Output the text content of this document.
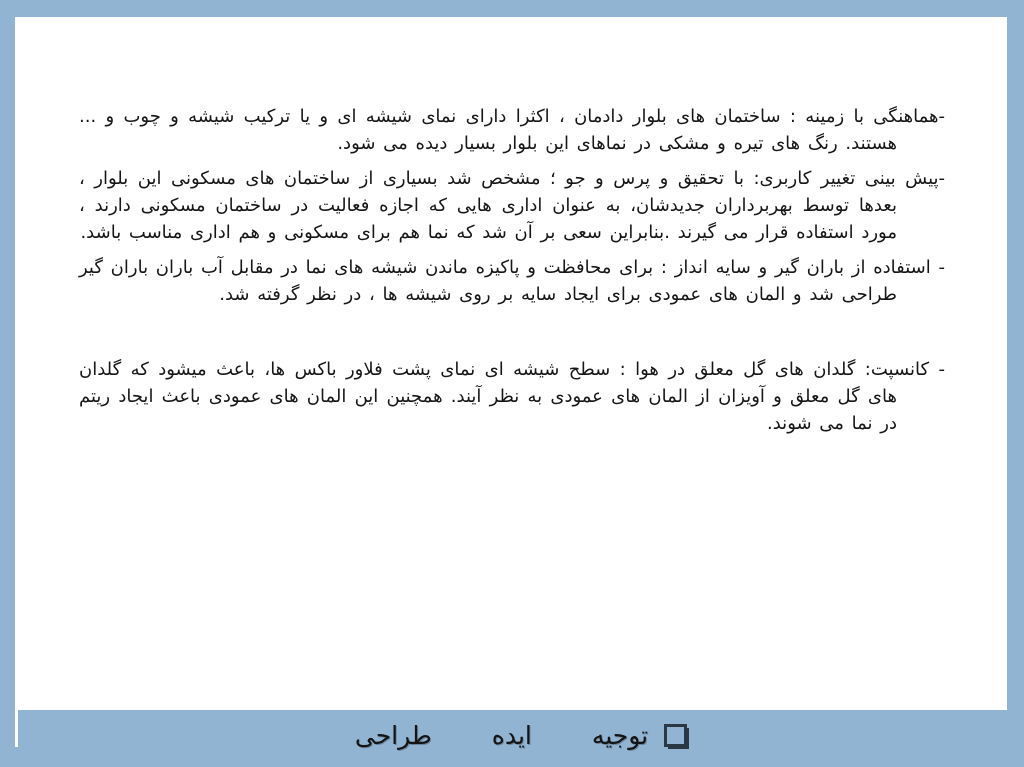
-هماهنگی با زمینه : ساختمان های بلوار دادمان ، اکثرا دارای نمای شیشه ای و یا ترکیب شیشه و چوب و ... هستند. رنگ های تیره و مشکی در نماهای این بلوار بسیار دیده می شود.

-پیش بینی تغییر کاربری: با تحقیق و پرس و جو ؛ مشخص شد بسیاری از ساختمان های مسکونی این بلوار ، بعدها توسط بهربرداران جدیدشان، به عنوان اداری هایی که اجازه فعالیت در ساختمان مسکونی دارند ، مورد استفاده قرار می گیرند .بنابراین سعی بر آن شد که نما هم برای مسکونی و هم اداری مناسب باشد.

- استفاده از باران گیر و سایه انداز : برای محافظت و پاکیزه ماندن شیشه های نما در مقابل آب باران باران گیر طراحی شد و المان های عمودی برای ایجاد سایه بر روی شیشه ها ، در نظر گرفته شد.

- کانسپت: گلدان های گل معلق در هوا : سطح شیشه ای نمای پشت فلاور باکس ها، باعث میشود که گلدان های گل معلق و آویزان از المان های عمودی به نظر آیند. همچنین این المان های عمودی باعث ایجاد ریتم در نما می شوند.

توجیه ایده طراحی
